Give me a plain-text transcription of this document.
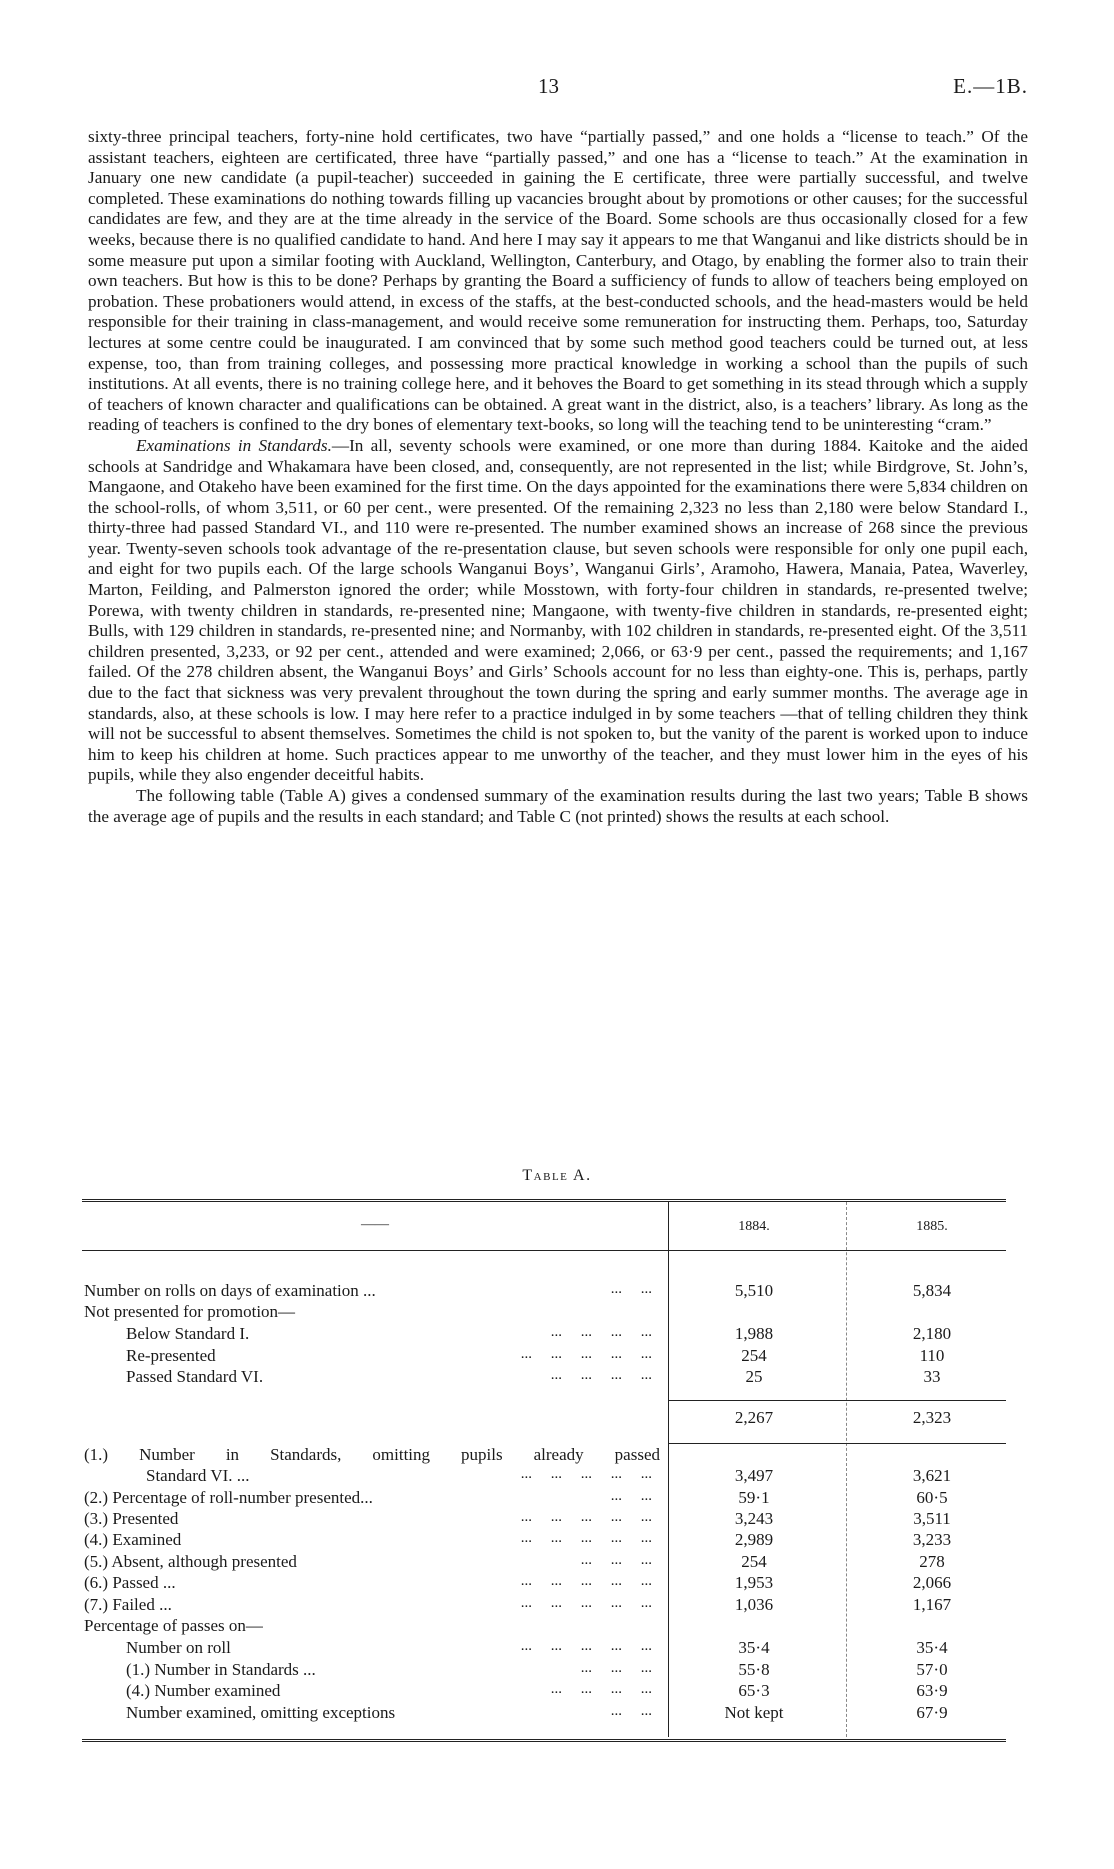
13	E.—1B.

sixty-three principal teachers, forty-nine hold certificates, two have “partially passed,” and one holds a “license to teach.” Of the assistant teachers, eighteen are certificated, three have “partially passed,” and one has a “license to teach.” At the examination in January one new candidate (a pupil-teacher) succeeded in gaining the E certificate, three were partially successful, and twelve completed. These examinations do nothing towards filling up vacancies brought about by promotions or other causes; for the successful candidates are few, and they are at the time already in the service of the Board. Some schools are thus occasionally closed for a few weeks, because there is no qualified candidate to hand. And here I may say it appears to me that Wanganui and like districts should be in some measure put upon a similar footing with Auckland, Wellington, Canterbury, and Otago, by enabling the former also to train their own teachers. But how is this to be done? Perhaps by granting the Board a sufficiency of funds to allow of teachers being employed on probation. These probationers would attend, in excess of the staffs, at the best-conducted schools, and the head-masters would be held responsible for their training in class-management, and would receive some remuneration for instructing them. Perhaps, too, Saturday lectures at some centre could be inaugurated. I am convinced that by some such method good teachers could be turned out, at less expense, too, than from training colleges, and possessing more practical knowledge in working a school than the pupils of such institutions. At all events, there is no training college here, and it behoves the Board to get something in its stead through which a supply of teachers of known character and qualifications can be obtained. A great want in the district, also, is a teachers’ library. As long as the reading of teachers is confined to the dry bones of elementary text-books, so long will the teaching tend to be uninteresting “cram.”

Examinations in Standards.—In all, seventy schools were examined, or one more than during 1884. Kaitoke and the aided schools at Sandridge and Whakamara have been closed, and, consequently, are not represented in the list; while Birdgrove, St. John’s, Mangaone, and Otakeho have been examined for the first time. On the days appointed for the examinations there were 5,834 children on the school-rolls, of whom 3,511, or 60 per cent., were presented. Of the remaining 2,323 no less than 2,180 were below Standard I., thirty-three had passed Standard VI., and 110 were re-presented. The number examined shows an increase of 268 since the previous year. Twenty-seven schools took advantage of the re-presentation clause, but seven schools were responsible for only one pupil each, and eight for two pupils each. Of the large schools Wanganui Boys’, Wanganui Girls’, Aramoho, Hawera, Manaia, Patea, Waverley, Marton, Feilding, and Palmerston ignored the order; while Mosstown, with forty-four children in standards, re-presented twelve; Porewa, with twenty children in standards, re-presented nine; Mangaone, with twenty-five children in standards, re-presented eight; Bulls, with 129 children in standards, re-presented nine; and Normanby, with 102 children in standards, re-presented eight. Of the 3,511 children presented, 3,233, or 92 per cent., attended and were examined; 2,066, or 63·9 per cent., passed the requirements; and 1,167 failed. Of the 278 children absent, the Wanganui Boys’ and Girls’ Schools account for no less than eighty-one. This is, perhaps, partly due to the fact that sickness was very prevalent throughout the town during the spring and early summer months. The average age in standards, also, at these schools is low. I may here refer to a practice indulged in by some teachers —that of telling children they think will not be successful to absent themselves. Sometimes the child is not spoken to, but the vanity of the parent is worked upon to induce him to keep his children at home. Such practices appear to me unworthy of the teacher, and they must lower him in the eyes of his pupils, while they also engender deceitful habits.

The following table (Table A) gives a condensed summary of the examination results during the last two years; Table B shows the average age of pupils and the results in each standard; and Table C (not printed) shows the results at each school.

Table A.
——	1884.	1885.
Number on rolls on days of examination ...	...     ...	5,510	5,834
Not presented for promotion—
Below Standard I.	...     ...     ...     ...	1,988	2,180
Re-presented	...     ...     ...     ...     ...	254	110
Passed Standard VI.	...     ...     ...     ...	25	33
2,267	2,323
(1.) Number in Standards, omitting pupils already passed
Standard VI. ...	...     ...     ...     ...     ...	3,497	3,621
(2.) Percentage of roll-number presented...	...     ...	59·1	60·5
(3.) Presented	...     ...     ...     ...     ...	3,243	3,511
(4.) Examined	...     ...     ...     ...     ...	2,989	3,233
(5.) Absent, although presented	...     ...     ...	254	278
(6.) Passed ...	...     ...     ...     ...     ...	1,953	2,066
(7.) Failed ...	...     ...     ...     ...     ...	1,036	1,167
Percentage of passes on—
Number on roll	...     ...     ...     ...     ...	35·4	35·4
(1.) Number in Standards ...	...     ...     ...	55·8	57·0
(4.) Number examined	...     ...     ...     ...	65·3	63·9
Number examined, omitting exceptions	...     ...	Not kept	67·9
